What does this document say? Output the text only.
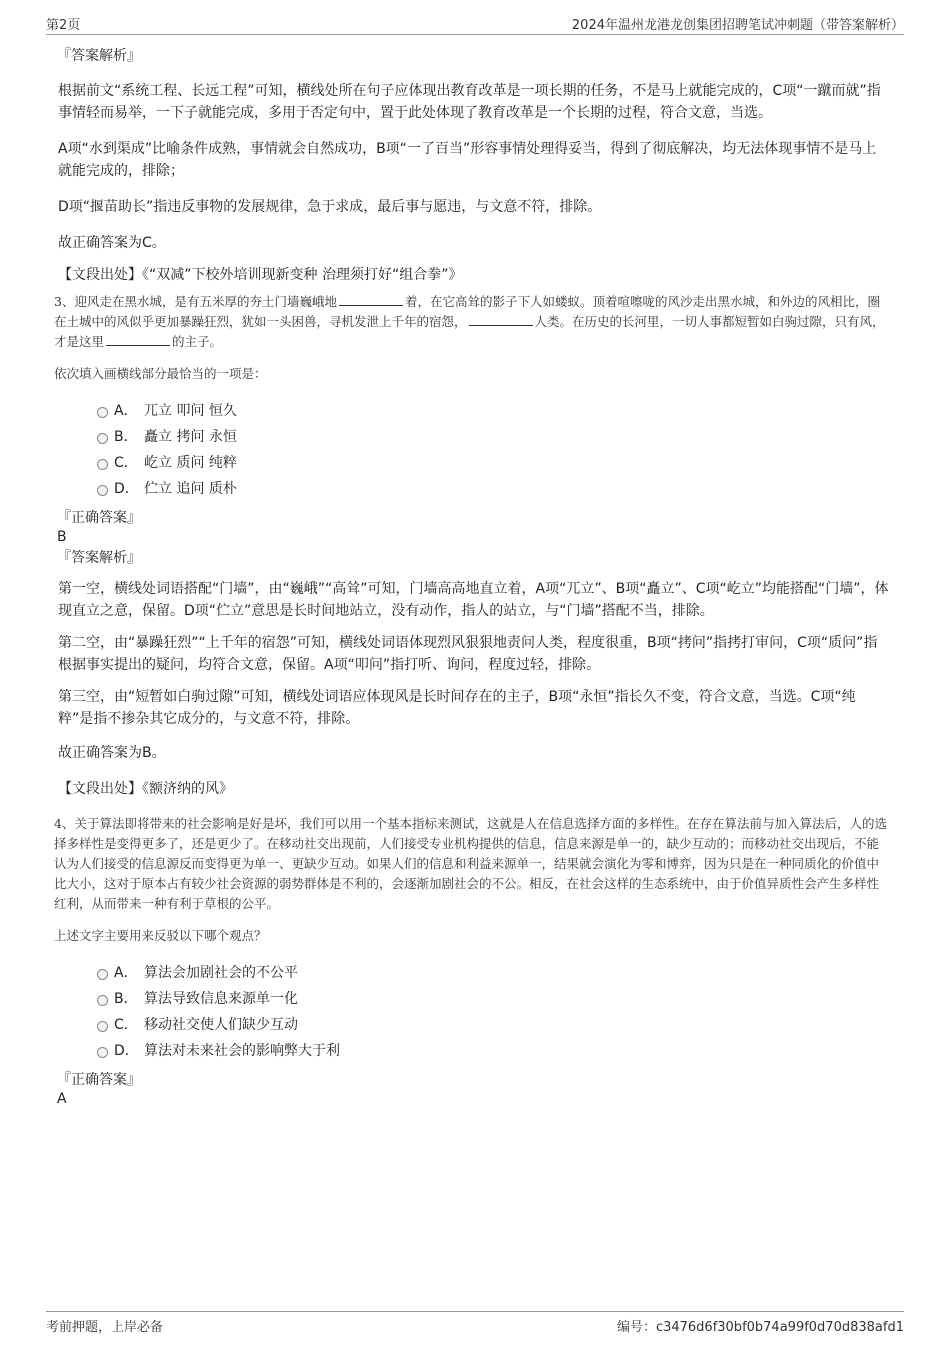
第2页	2024年温州龙港龙创集团招聘笔试冲刺题（带答案解析）

『答案解析』

根据前文“系统工程、长远工程”可知，横线处所在句子应体现出教育改革是一项长期的任务，不是马上就能完成的，C项“一蹴而就”指事情轻而易举，一下子就能完成，多用于否定句中，置于此处体现了教育改革是一个长期的过程，符合文意，当选。

A项“水到渠成”比喻条件成熟，事情就会自然成功，B项“一了百当”形容事情处理得妥当，得到了彻底解决，均无法体现事情不是马上就能完成的，排除；

D项“揠苗助长”指违反事物的发展规律，急于求成，最后事与愿违，与文意不符，排除。

故正确答案为C。

【文段出处】《“双减”下校外培训现新变种 治理须打好“组合拳”》

3、迎风走在黑水城，是有五米厚的夯土门墙巍峨地	着，在它高耸的影子下人如蝼蚁。顶着喧嚓咙的风沙走出黑水城，和外边的风相比，圈在土城中的风似乎更加暴躁狂烈，犹如一头困兽，寻机发泄上千年的宿怨，	人类。在历史的长河里，一切人事都短暂如白驹过隙，只有风，才是这里	的主子。

依次填入画横线部分最恰当的一项是：

A． 兀立 叩问 恒久
B． 矗立 拷问 永恒
C． 屹立 质问 纯粹
D． 伫立 追问 质朴

『正确答案』

B

『答案解析』

第一空，横线处词语搭配“门墙”，由“巍峨”“高耸”可知，门墙高高地直立着，A项“兀立”、B项“矗立”、C项“屹立”均能搭配“门墙”，体现直立之意，保留。D项“伫立”意思是长时间地站立，没有动作，指人的站立，与“门墙”搭配不当，排除。

第二空，由“暴躁狂烈”“上千年的宿怨”可知，横线处词语体现烈风狠狠地责问人类，程度很重，B项“拷问”指拷打审问，C项“质问”指根据事实提出的疑问，均符合文意，保留。A项“叩问”指打听、询问，程度过轻，排除。

第三空，由“短暂如白驹过隙”可知，横线处词语应体现风是长时间存在的主子，B项“永恒”指长久不变，符合文意，当选。C项“纯粹”是指不掺杂其它成分的，与文意不符，排除。

故正确答案为B。

【文段出处】《额济纳的风》

4、关于算法即将带来的社会影响是好是坏，我们可以用一个基本指标来测试，这就是人在信息选择方面的多样性。在存在算法前与加入算法后，人的选择多样性是变得更多了，还是更少了。在移动社交出现前，人们接受专业机构提供的信息，信息来源是单一的，缺少互动的；而移动社交出现后，不能认为人们接受的信息源反而变得更为单一、更缺少互动。如果人们的信息和利益来源单一，结果就会演化为零和博弈，因为只是在一种同质化的价值中比大小，这对于原本占有较少社会资源的弱势群体是不利的，会逐渐加剧社会的不公。相反，在社会这样的生态系统中，由于价值异质性会产生多样性红利，从而带来一种有利于草根的公平。

上述文字主要用来反驳以下哪个观点？

A． 算法会加剧社会的不公平
B． 算法导致信息来源单一化
C． 移动社交使人们缺少互动
D． 算法对未来社会的影响弊大于利

『正确答案』

A

考前押题，上岸必备	编号：c3476d6f30bf0b74a99f0d70d838afd1
